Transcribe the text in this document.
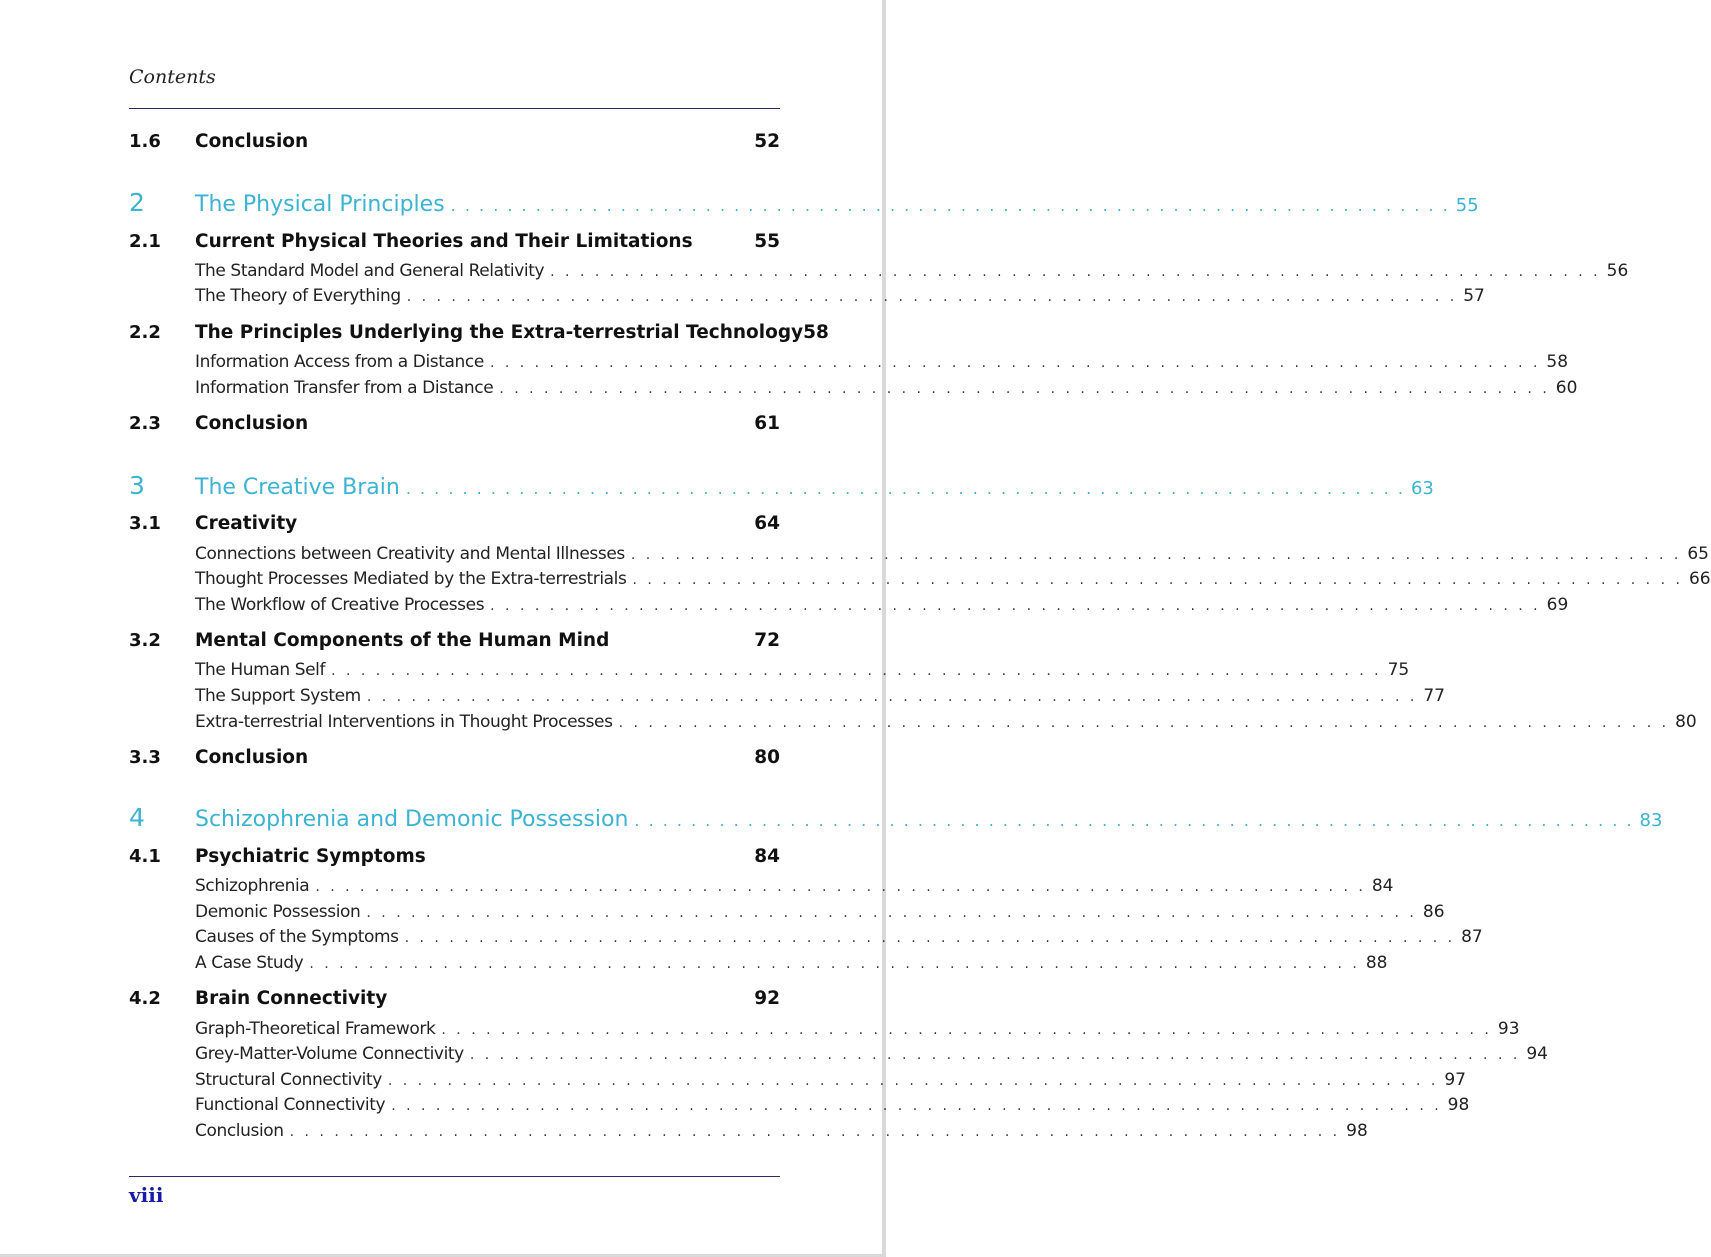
Contents
1.6	Conclusion	52
2	The Physical Principles . . . . . . . . . . . . . . . . . . . . . . . . . . . . . . . . . . . . . . . . . . . . . . . . . . . . . . . . . . . . . . . . . . . . . . . 55
2.1	Current Physical Theories and Their Limitations	55
The Standard Model and General Relativity . . . . . . . . . . . . . . . . . . . . . . . . . . . . . . . . . . . . . . . . . . . . . . . . . . . . . . . . . . . . . . . . . . . . . . . 56
The Theory of Everything . . . . . . . . . . . . . . . . . . . . . . . . . . . . . . . . . . . . . . . . . . . . . . . . . . . . . . . . . . . . . . . . . . . . . . . 57
2.2	The Principles Underlying the Extra-terrestrial Technology 58
Information Access from a Distance . . . . . . . . . . . . . . . . . . . . . . . . . . . . . . . . . . . . . . . . . . . . . . . . . . . . . . . . . . . . . . . . . . . . . . . 58
Information Transfer from a Distance . . . . . . . . . . . . . . . . . . . . . . . . . . . . . . . . . . . . . . . . . . . . . . . . . . . . . . . . . . . . . . . . . . . . . . . 60
2.3	Conclusion	61
3	The Creative Brain . . . . . . . . . . . . . . . . . . . . . . . . . . . . . . . . . . . . . . . . . . . . . . . . . . . . . . . . . . . . . . . . . . . . . . . 63
3.1	Creativity	64
Connections between Creativity and Mental Illnesses . . . . . . . . . . . . . . . . . . . . . . . . . . . . . . . . . . . . . . . . . . . . . . . . . . . . . . . . . . . . . . . . . . . . . . . 65
Thought Processes Mediated by the Extra-terrestrials . . . . . . . . . . . . . . . . . . . . . . . . . . . . . . . . . . . . . . . . . . . . . . . . . . . . . . . . . . . . . . . . . . . . . . . 66
The Workflow of Creative Processes . . . . . . . . . . . . . . . . . . . . . . . . . . . . . . . . . . . . . . . . . . . . . . . . . . . . . . . . . . . . . . . . . . . . . . . 69
3.2	Mental Components of the Human Mind	72
The Human Self . . . . . . . . . . . . . . . . . . . . . . . . . . . . . . . . . . . . . . . . . . . . . . . . . . . . . . . . . . . . . . . . . . . . . . . 75
The Support System . . . . . . . . . . . . . . . . . . . . . . . . . . . . . . . . . . . . . . . . . . . . . . . . . . . . . . . . . . . . . . . . . . . . . . . 77
Extra-terrestrial Interventions in Thought Processes . . . . . . . . . . . . . . . . . . . . . . . . . . . . . . . . . . . . . . . . . . . . . . . . . . . . . . . . . . . . . . . . . . . . . . . 80
3.3	Conclusion	80
4	Schizophrenia and Demonic Possession . . . . . . . . . . . . . . . . . . . . . . . . . . . . . . . . . . . . . . . . . . . . . . . . . . . . . . . . . . . . . . . . . . . . . . . 83
4.1	Psychiatric Symptoms	84
Schizophrenia . . . . . . . . . . . . . . . . . . . . . . . . . . . . . . . . . . . . . . . . . . . . . . . . . . . . . . . . . . . . . . . . . . . . . . . 84
Demonic Possession . . . . . . . . . . . . . . . . . . . . . . . . . . . . . . . . . . . . . . . . . . . . . . . . . . . . . . . . . . . . . . . . . . . . . . . 86
Causes of the Symptoms . . . . . . . . . . . . . . . . . . . . . . . . . . . . . . . . . . . . . . . . . . . . . . . . . . . . . . . . . . . . . . . . . . . . . . . 87
A Case Study . . . . . . . . . . . . . . . . . . . . . . . . . . . . . . . . . . . . . . . . . . . . . . . . . . . . . . . . . . . . . . . . . . . . . . . 88
4.2	Brain Connectivity	92
Graph-Theoretical Framework . . . . . . . . . . . . . . . . . . . . . . . . . . . . . . . . . . . . . . . . . . . . . . . . . . . . . . . . . . . . . . . . . . . . . . . 93
Grey-Matter-Volume Connectivity . . . . . . . . . . . . . . . . . . . . . . . . . . . . . . . . . . . . . . . . . . . . . . . . . . . . . . . . . . . . . . . . . . . . . . . 94
Structural Connectivity . . . . . . . . . . . . . . . . . . . . . . . . . . . . . . . . . . . . . . . . . . . . . . . . . . . . . . . . . . . . . . . . . . . . . . . 97
Functional Connectivity . . . . . . . . . . . . . . . . . . . . . . . . . . . . . . . . . . . . . . . . . . . . . . . . . . . . . . . . . . . . . . . . . . . . . . . 98
Conclusion . . . . . . . . . . . . . . . . . . . . . . . . . . . . . . . . . . . . . . . . . . . . . . . . . . . . . . . . . . . . . . . . . . . . . . . 98
viii
